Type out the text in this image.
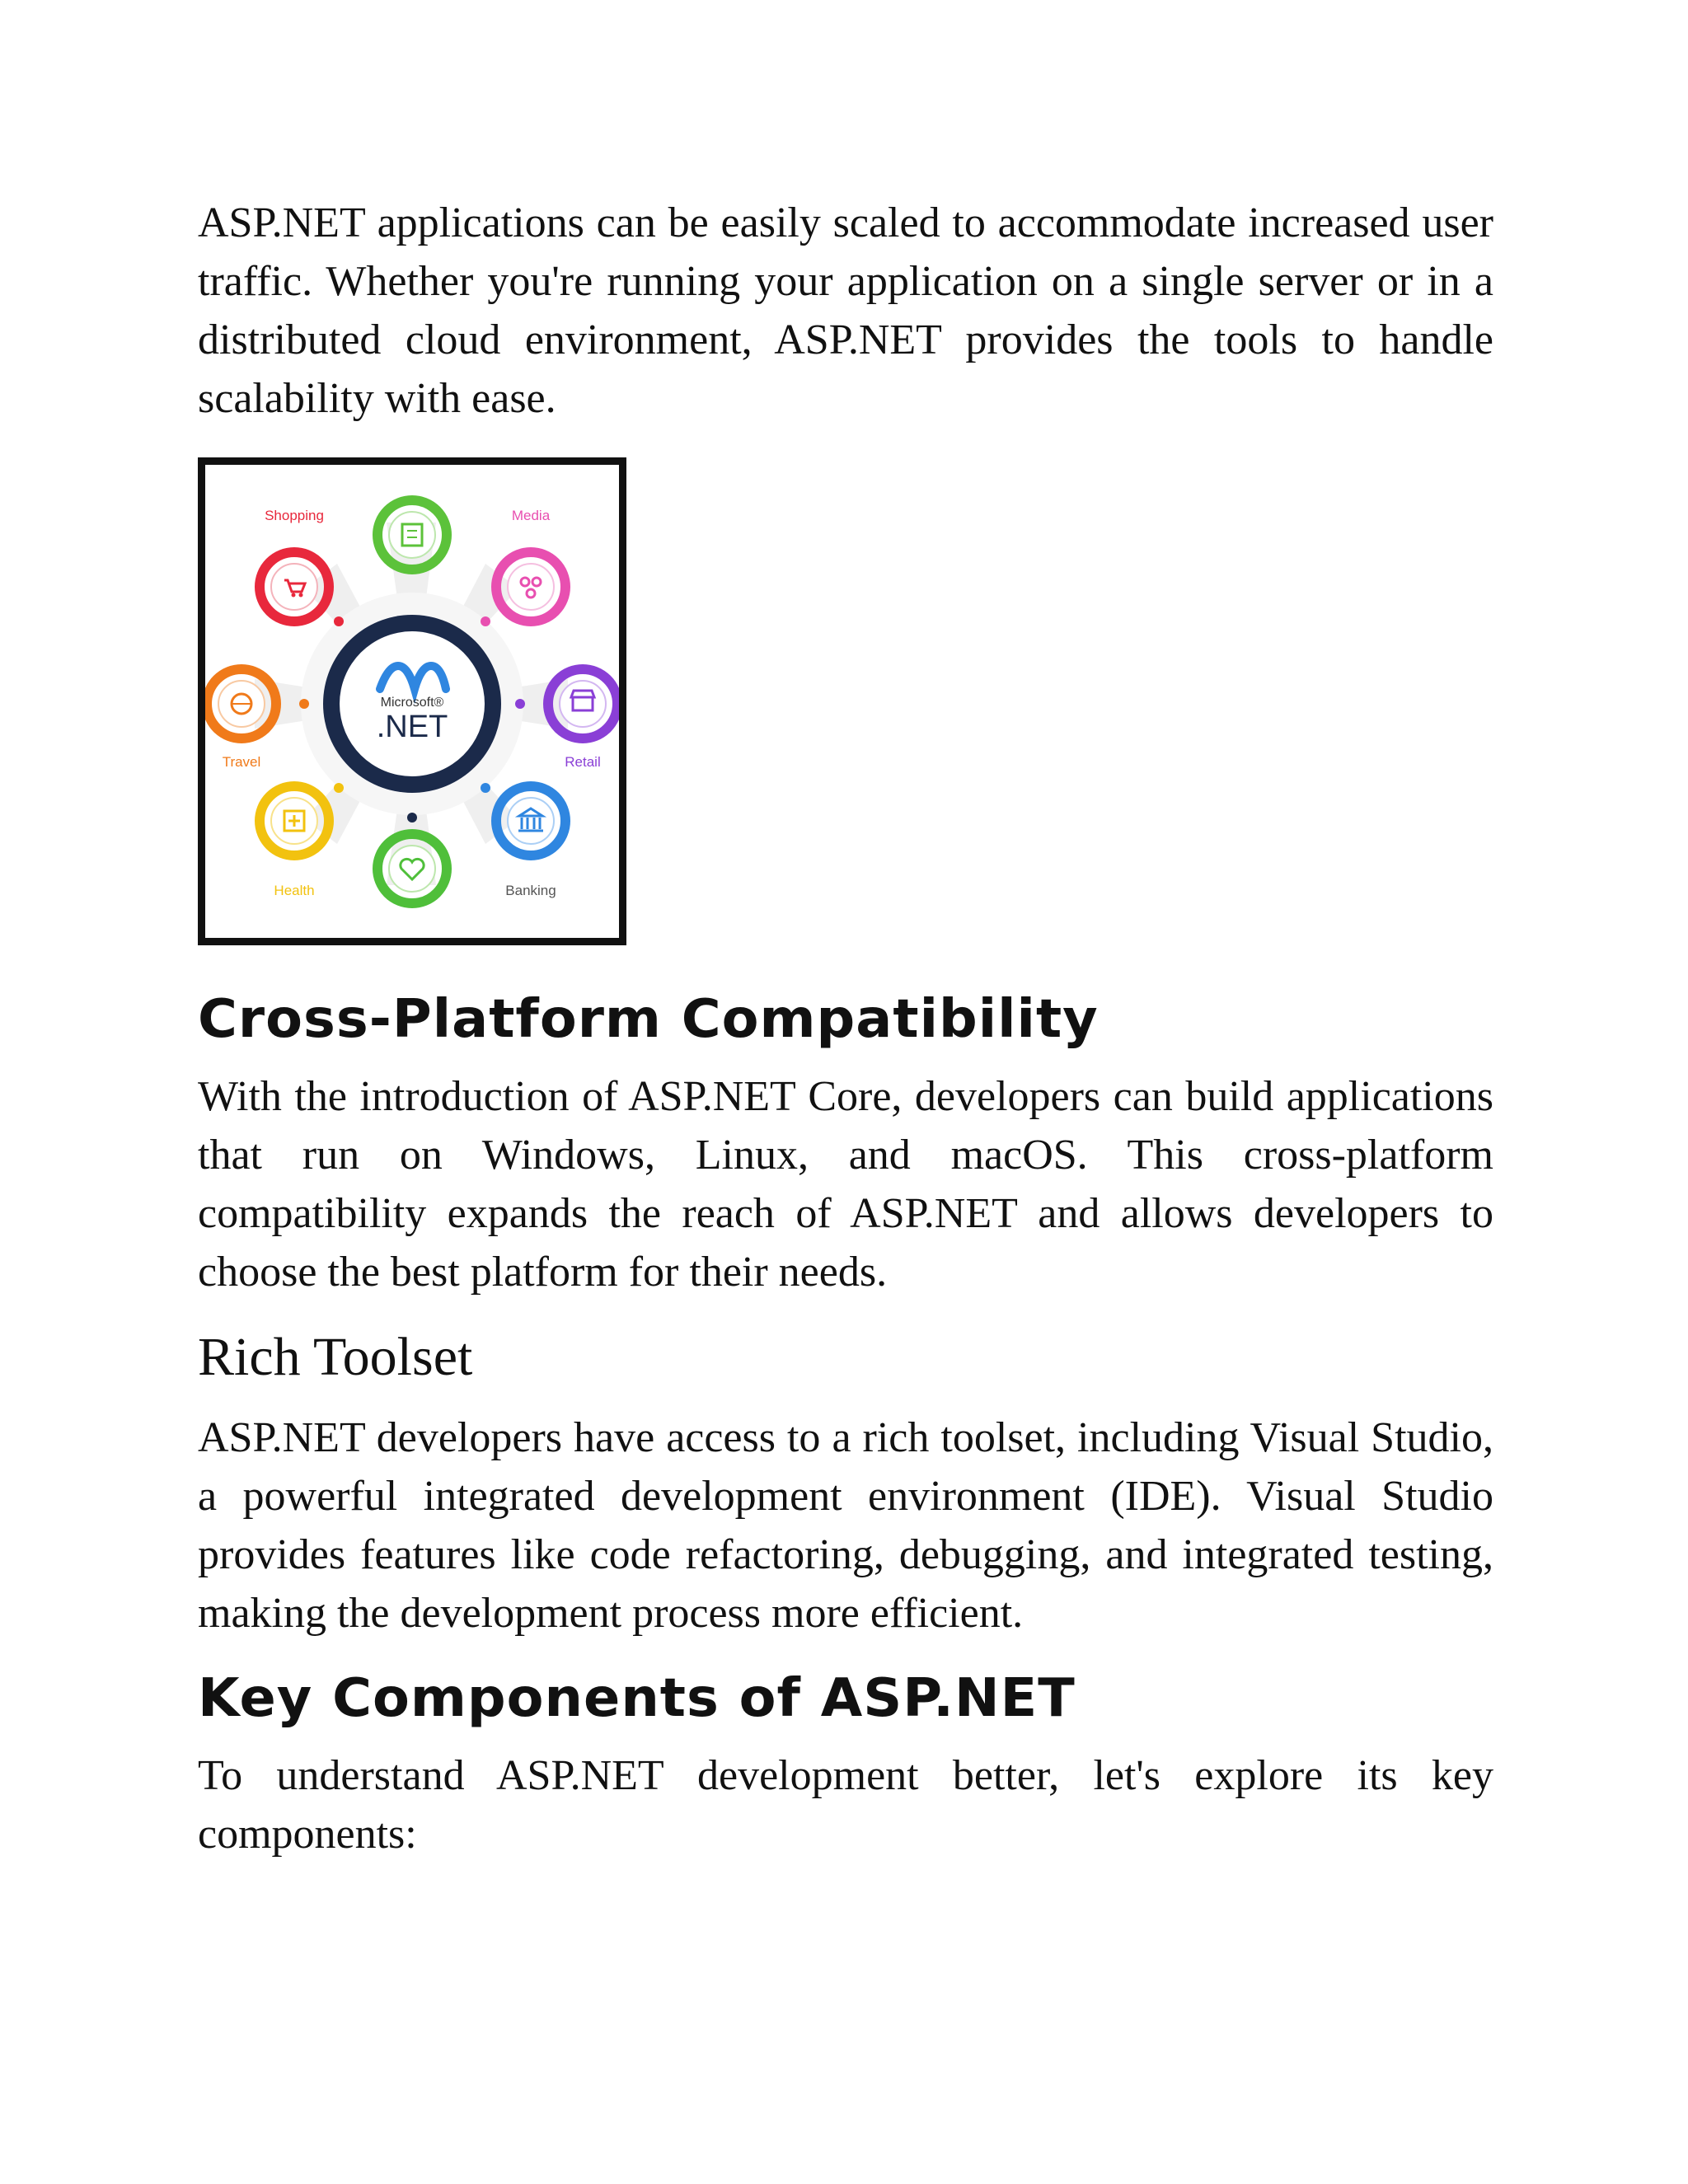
ASP.NET applications can be easily scaled to accommodate increased user traffic. Whether you're running your application on a single server or in a distributed cloud environment, ASP.NET provides the tools to handle scalability with ease.

Microsoft®
.NET
Shopping	Media
Travel	Retail
Health	Banking
Cross-Platform Compatibility

With the introduction of ASP.NET Core, developers can build applications that run on Windows, Linux, and macOS. This cross-platform compatibility expands the reach of ASP.NET and allows developers to choose the best platform for their needs.

Rich Toolset

ASP.NET developers have access to a rich toolset, including Visual Studio, a powerful integrated development environment (IDE). Visual Studio provides features like code refactoring, debugging, and integrated testing, making the development process more efficient.

Key Components of ASP.NET

To understand ASP.NET development better, let's explore its key components:
